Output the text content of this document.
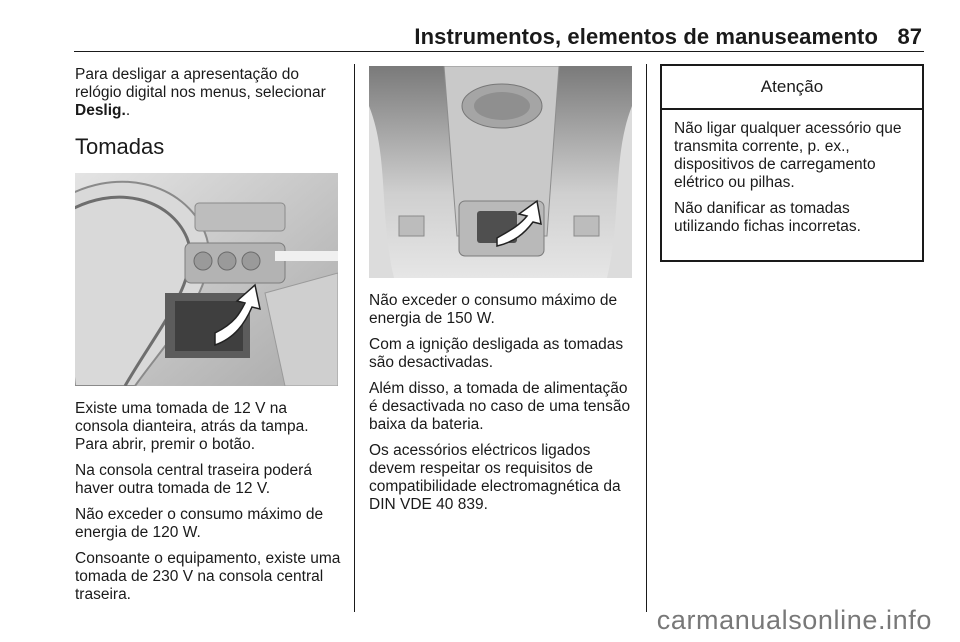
Instrumentos, elementos de manuseamento 87

Para desligar a apresentação do relógio digital nos menus, selecionar Deslig..

Tomadas

Existe uma tomada de 12 V na consola dianteira, atrás da tampa. Para abrir, premir o botão.

Na consola central traseira poderá haver outra tomada de 12 V.

Não exceder o consumo máximo de energia de 120 W.

Consoante o equipamento, existe uma tomada de 230 V na consola central traseira.

Não exceder o consumo máximo de energia de 150 W.

Com a ignição desligada as tomadas são desactivadas.

Além disso, a tomada de alimentação é desactivada no caso de uma tensão baixa da bateria.

Os acessórios eléctricos ligados devem respeitar os requisitos de compatibilidade electromagnética da DIN VDE 40 839.

Atenção

Não ligar qualquer acessório que transmita corrente, p. ex., dispositivos de carregamento elétrico ou pilhas.

Não danificar as tomadas utilizando fichas incorretas.

carmanualsonline.info
